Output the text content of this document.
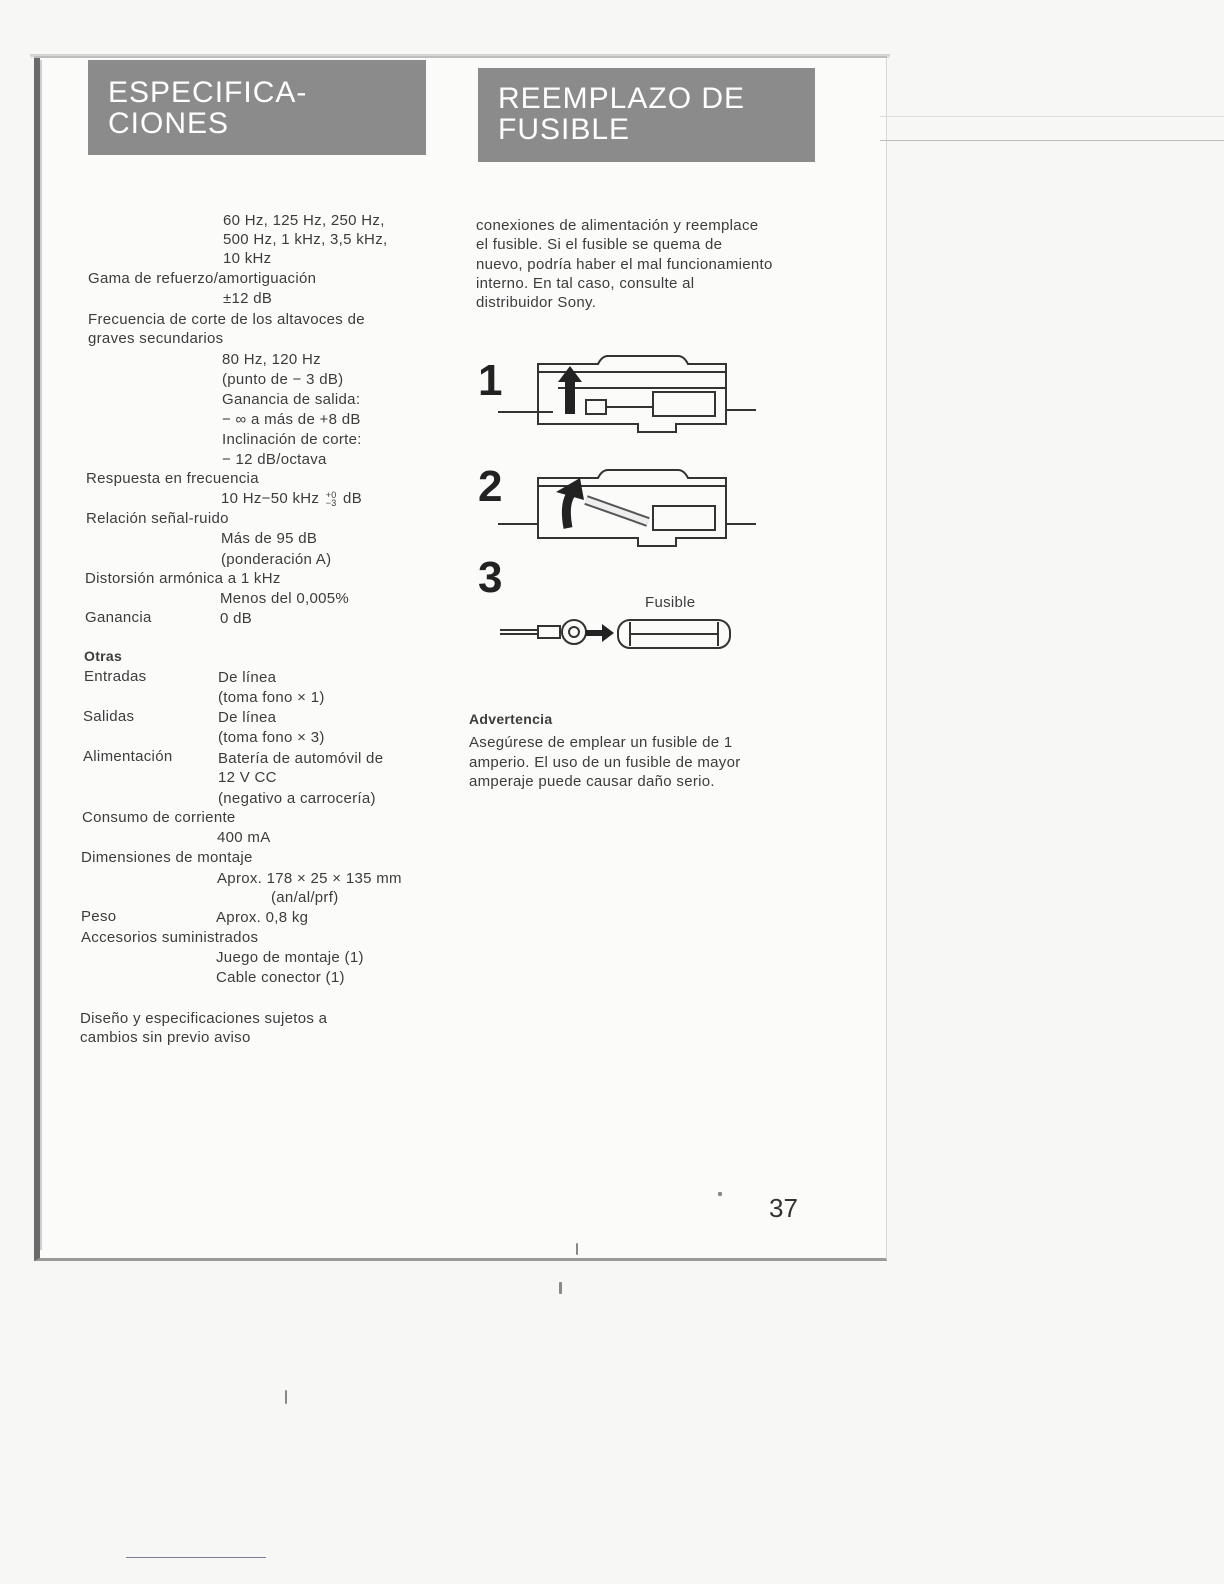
ESPECIFICA-
CIONES
REEMPLAZO DE
FUSIBLE
60 Hz, 125 Hz, 250 Hz,
500 Hz, 1 kHz, 3,5 kHz,
10 kHz
Gama de refuerzo/amortiguación
±12 dB
Frecuencia de corte de los altavoces de
graves secundarios
80 Hz, 120 Hz
(punto de − 3 dB)
Ganancia de salida:
− ∞ a más de +8 dB
Inclinación de corte:
− 12 dB/octava
Respuesta en frecuencia
10 Hz−50 kHz +0
−3 dB
Relación señal-ruido
Más de 95 dB
(ponderación A)
Distorsión armónica a 1 kHz
Menos del 0,005%
Ganancia	0 dB
Otras
Entradas	De línea
(toma fono × 1)
Salidas	De línea
(toma fono × 3)
Alimentación	Batería de automóvil de
12 V CC
(negativo a carrocería)
Consumo de corriente
400 mA
Dimensiones de montaje
Aprox. 178 × 25 × 135 mm
(an/al/prf)
Peso	Aprox. 0,8 kg
Accesorios suministrados
Juego de montaje (1)
Cable conector (1)
Diseño y especificaciones sujetos a
cambios sin previo aviso
conexiones de alimentación y reemplace
el fusible. Si el fusible se quema de
nuevo, podría haber el mal funcionamiento
interno. En tal caso, consulte al
distribuidor Sony.
1
2
3
Fusible
Advertencia
Asegúrese de emplear un fusible de 1
amperio. El uso de un fusible de mayor
amperaje puede causar daño serio.
37
